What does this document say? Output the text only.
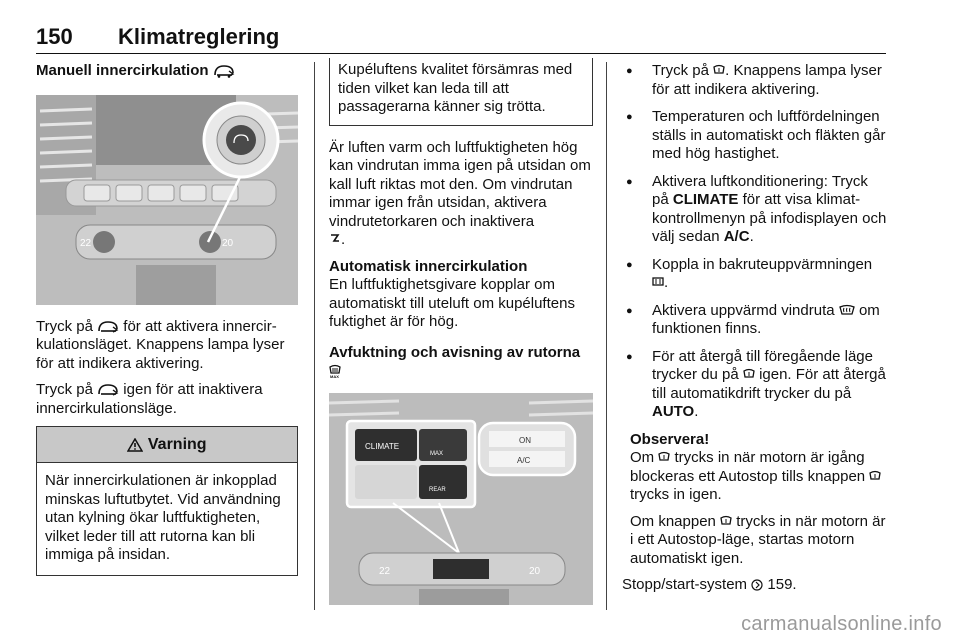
150 Klimatreglering
Manuell innercirkulation
22	20

Tryck på för att aktivera innercirkulationsläget. Knappens lampa lyser för att indikera aktivering.

Tryck på igen för att inaktivera innercirkulationsläge.

Varning
När innercirkulationen är inkopplad minskas luftutbytet. Vid användning utan kylning ökar luftfuktigheten, vilket leder till att rutorna kan bli immiga på insidan.
Kupéluftens kvalitet försämras med tiden vilket kan leda till att passagerarna känner sig trötta.

Är luften varm och luftfuktigheten hög kan vindrutan imma igen på utsidan om kall luft riktas mot den. Om vindrutan immar igen från utsidan, aktivera vindrutetorkaren och inaktivera
.

Automatisk innercirkulation

En luftfuktighetsgivare kopplar om automatiskt till uteluft om kupéluftens fuktighet är för hög.

Avfuktning och avisning av rutorna
MAX
CLIMATE
MAX
REAR
ON
A/C
22	20
● Tryck på . Knappens lampa lyser för att indikera aktivering.
● Temperaturen och luftfördelningen ställs in automatiskt och fläkten går med hög hastighet.
● Aktivera luftkonditionering: Tryck på CLIMATE för att visa klimatkontrollmenyn på infodisplayen och välj sedan A/C.
● Koppla in bakruteuppvärmningen .
● Aktivera uppvärmd vindruta om funktionen finns.
● För att återgå till föregående läge trycker du på igen. För att återgå till automatikdrift trycker du på AUTO.
Observera!

Om trycks in när motorn är igång blockeras ett Autostop tills knappen  trycks in igen.

Om knappen trycks in när motorn är i ett Autostop-läge, startas motorn automatiskt igen.

Stopp/start-system 159.

carmanualsonline.info
